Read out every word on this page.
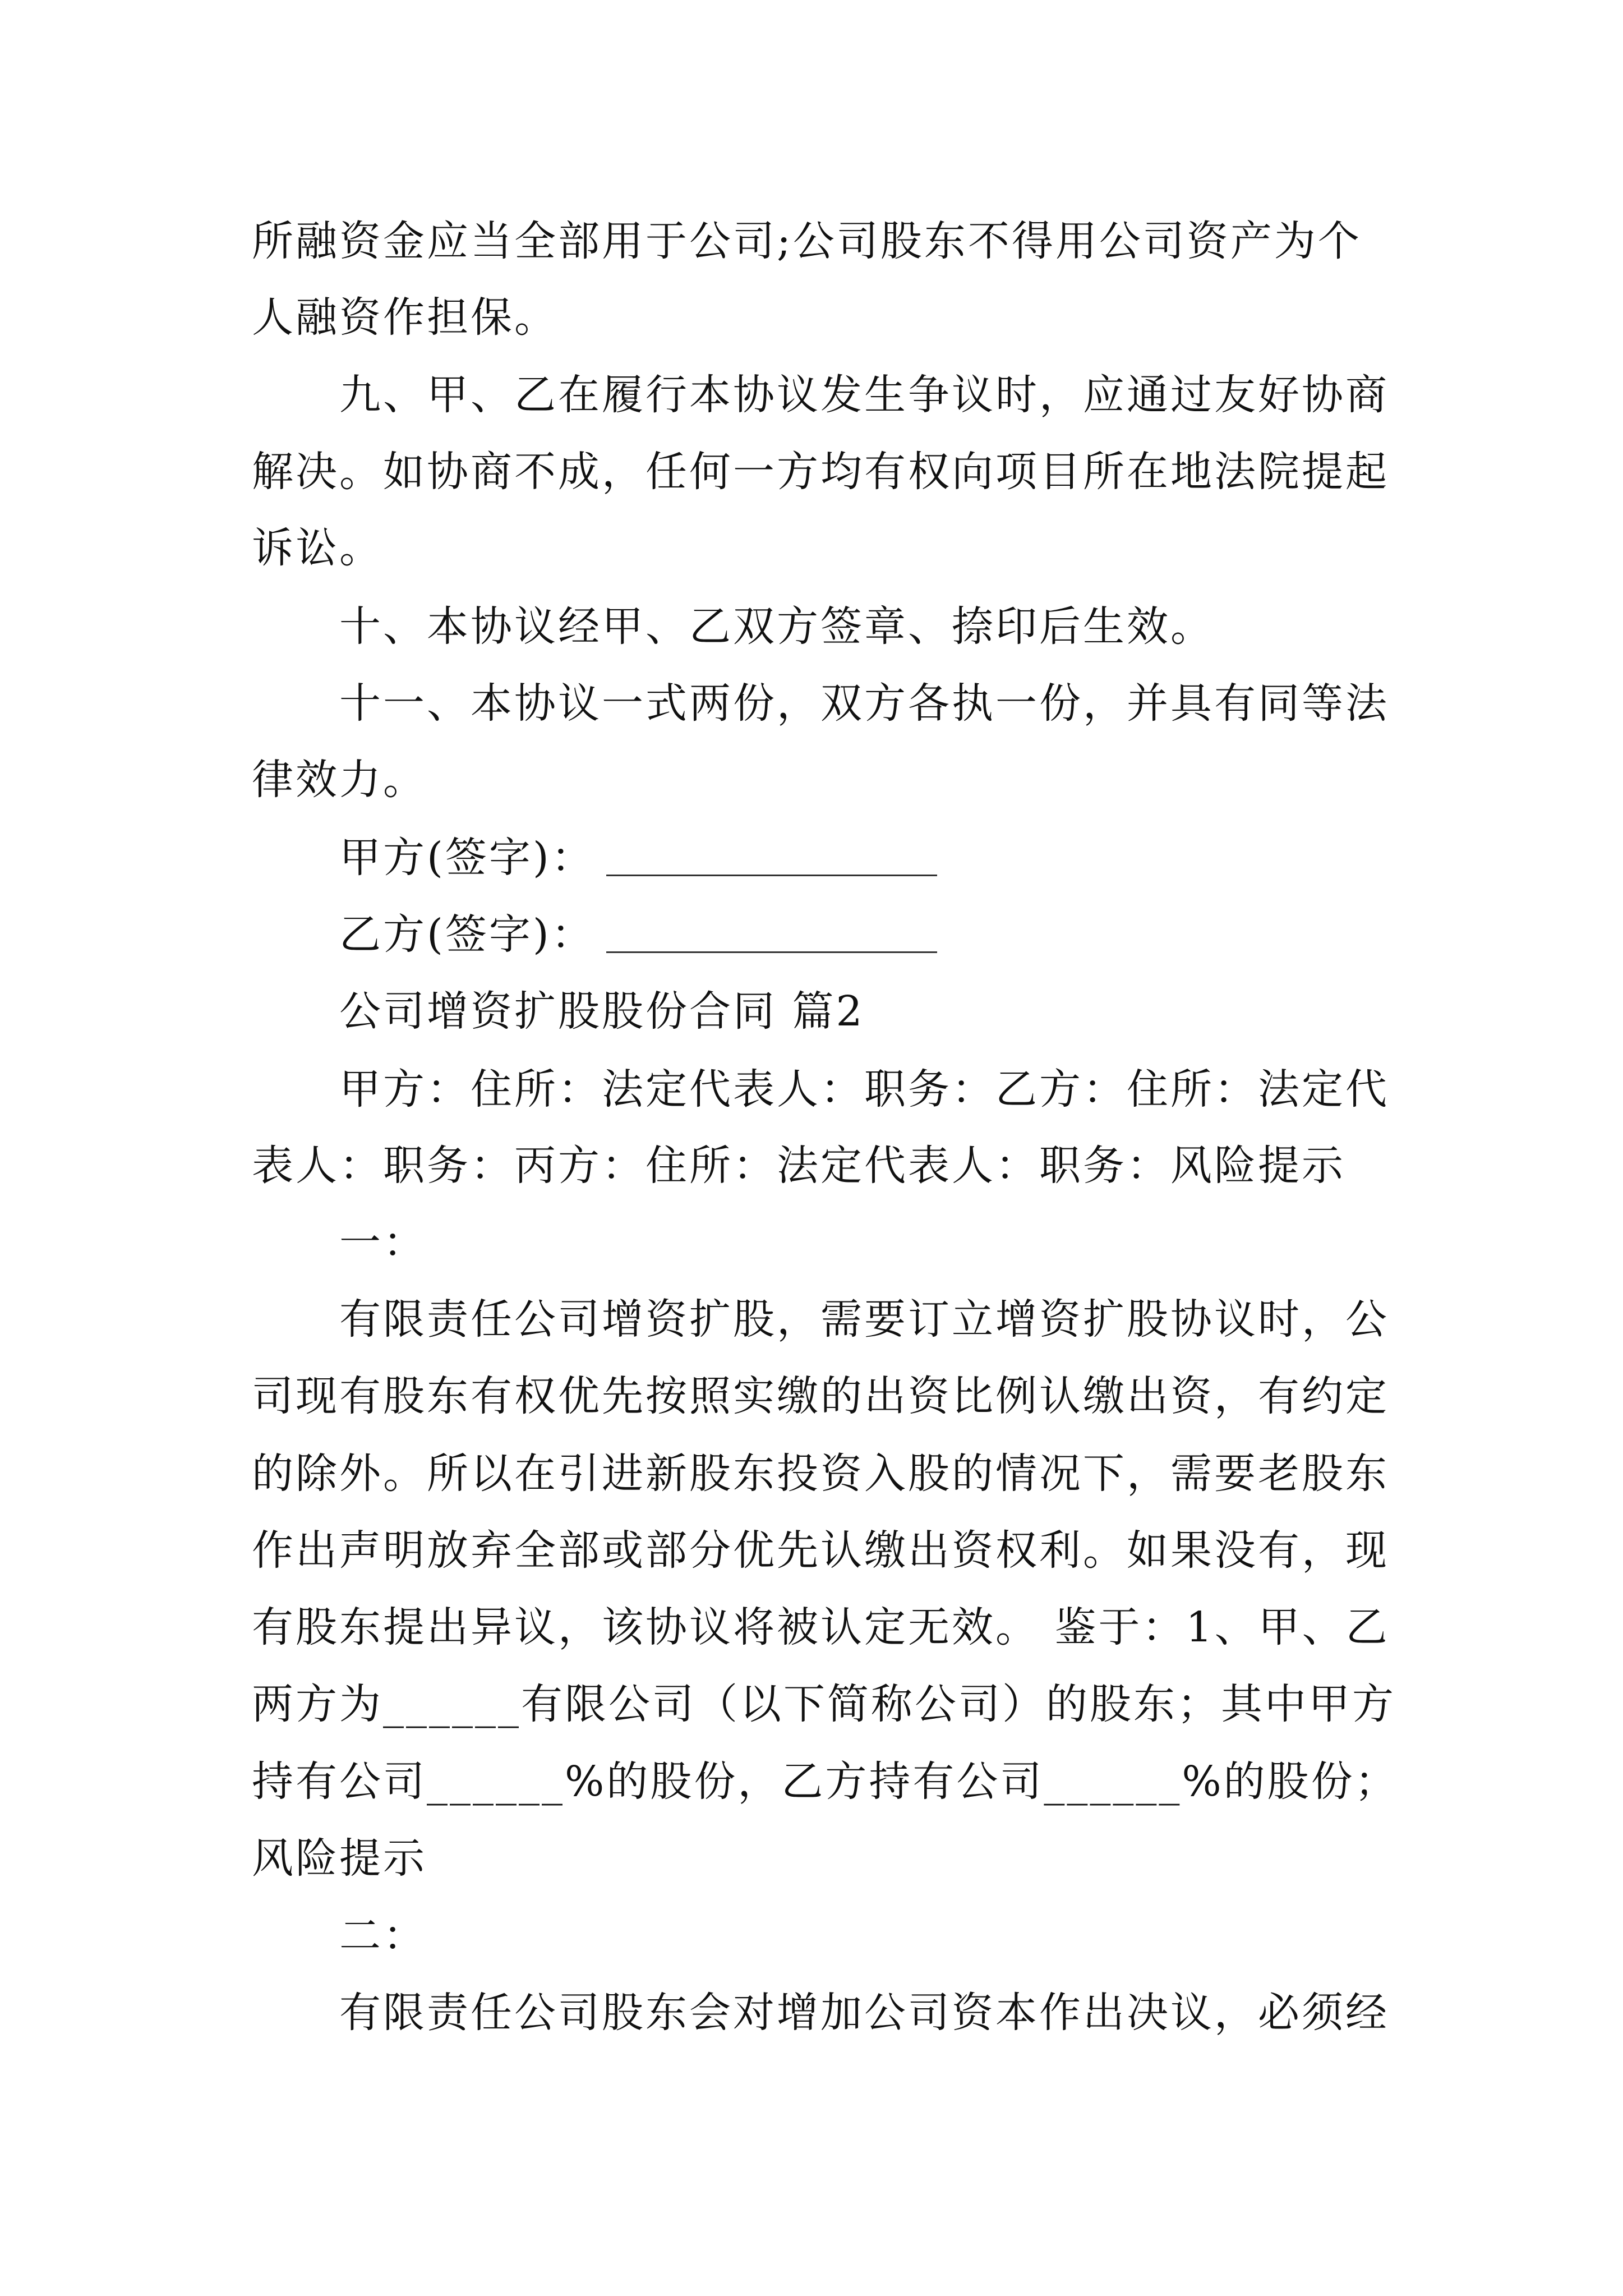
所融资金应当全部用于公司;公司股东不得用公司资产为个
人融资作担保。
九、甲、乙在履行本协议发生争议时，应通过友好协商
解决。如协商不成，任何一方均有权向项目所在地法院提起
诉讼。
十、本协议经甲、乙双方签章、捺印后生效。
十一、本协议一式两份，双方各执一份，并具有同等法
律效力。
甲方(签字)：
乙方(签字)：
公司增资扩股股份合同 篇2
甲方：住所：法定代表人：职务：乙方：住所：法定代
表人：职务：丙方：住所：法定代表人：职务：风险提示
一：
有限责任公司增资扩股，需要订立增资扩股协议时，公
司现有股东有权优先按照实缴的出资比例认缴出资，有约定
的除外。所以在引进新股东投资入股的情况下，需要老股东
作出声明放弃全部或部分优先认缴出资权利。如果没有，现
有股东提出异议，该协议将被认定无效。 鉴于：1、甲、乙
两方为______有限公司（以下简称公司）的股东；其中甲方
持有公司______%的股份，乙方持有公司______%的股份；
风险提示
二：
有限责任公司股东会对增加公司资本作出决议，必须经
